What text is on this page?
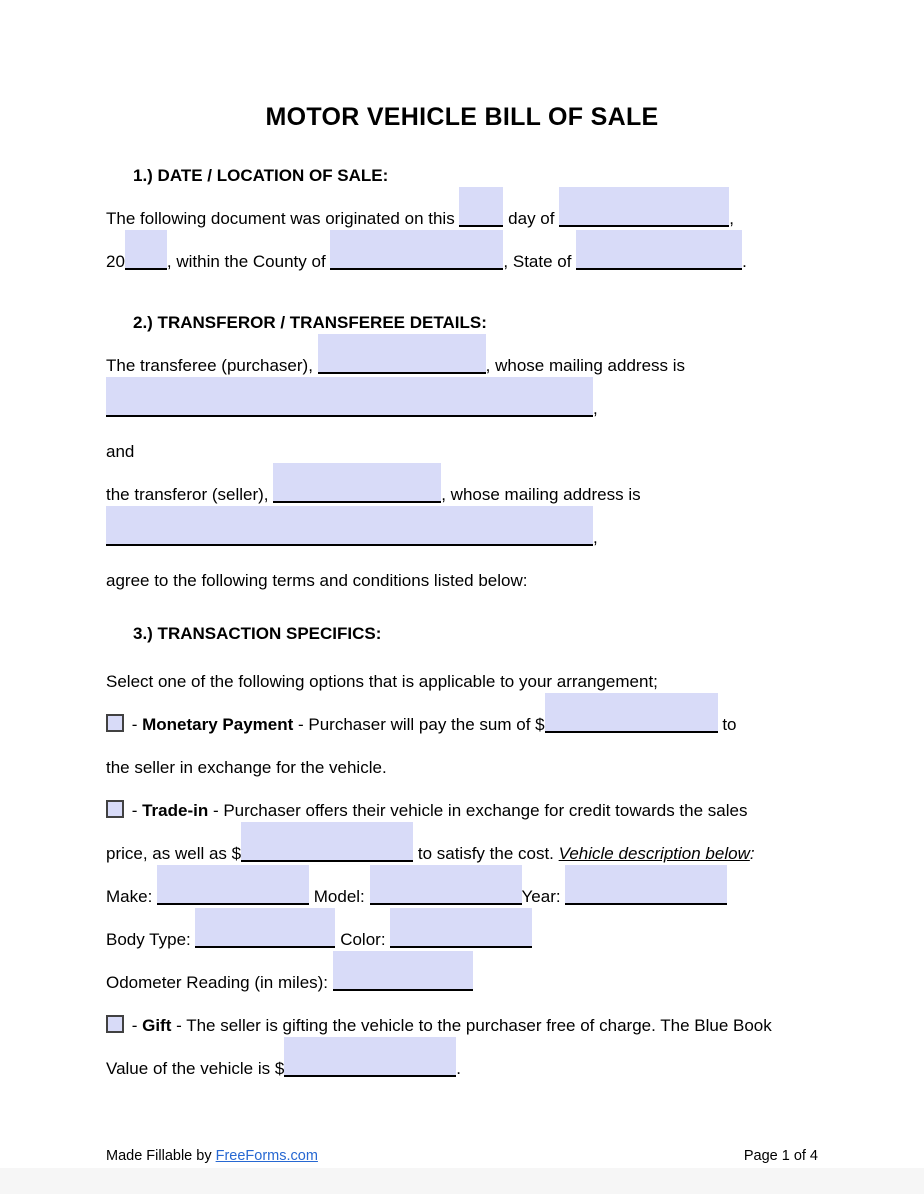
MOTOR VEHICLE BILL OF SALE
1.) DATE / LOCATION OF SALE:
The following document was originated on this	day of	,
20 , within the County of	, State of	.
2.) TRANSFEROR / TRANSFEREE DETAILS:
The transferee (purchaser),	, whose mailing address is
,
and
the transferor (seller),	, whose mailing address is
,
agree to the following terms and conditions listed below:
3.) TRANSACTION SPECIFICS:
Select one of the following options that is applicable to your arrangement;
- Monetary Payment - Purchaser will pay the sum of $	to
the seller in exchange for the vehicle.
- Trade-in - Purchaser offers their vehicle in exchange for credit towards the sales
price, as well as $	to satisfy the cost. Vehicle description below:
Make:	Model:	Year:
Body Type:	Color:
Odometer Reading (in miles):
- Gift - The seller is gifting the vehicle to the purchaser free of charge. The Blue Book
Value of the vehicle is $	.
Made Fillable by FreeForms.com	Page 1 of 4
